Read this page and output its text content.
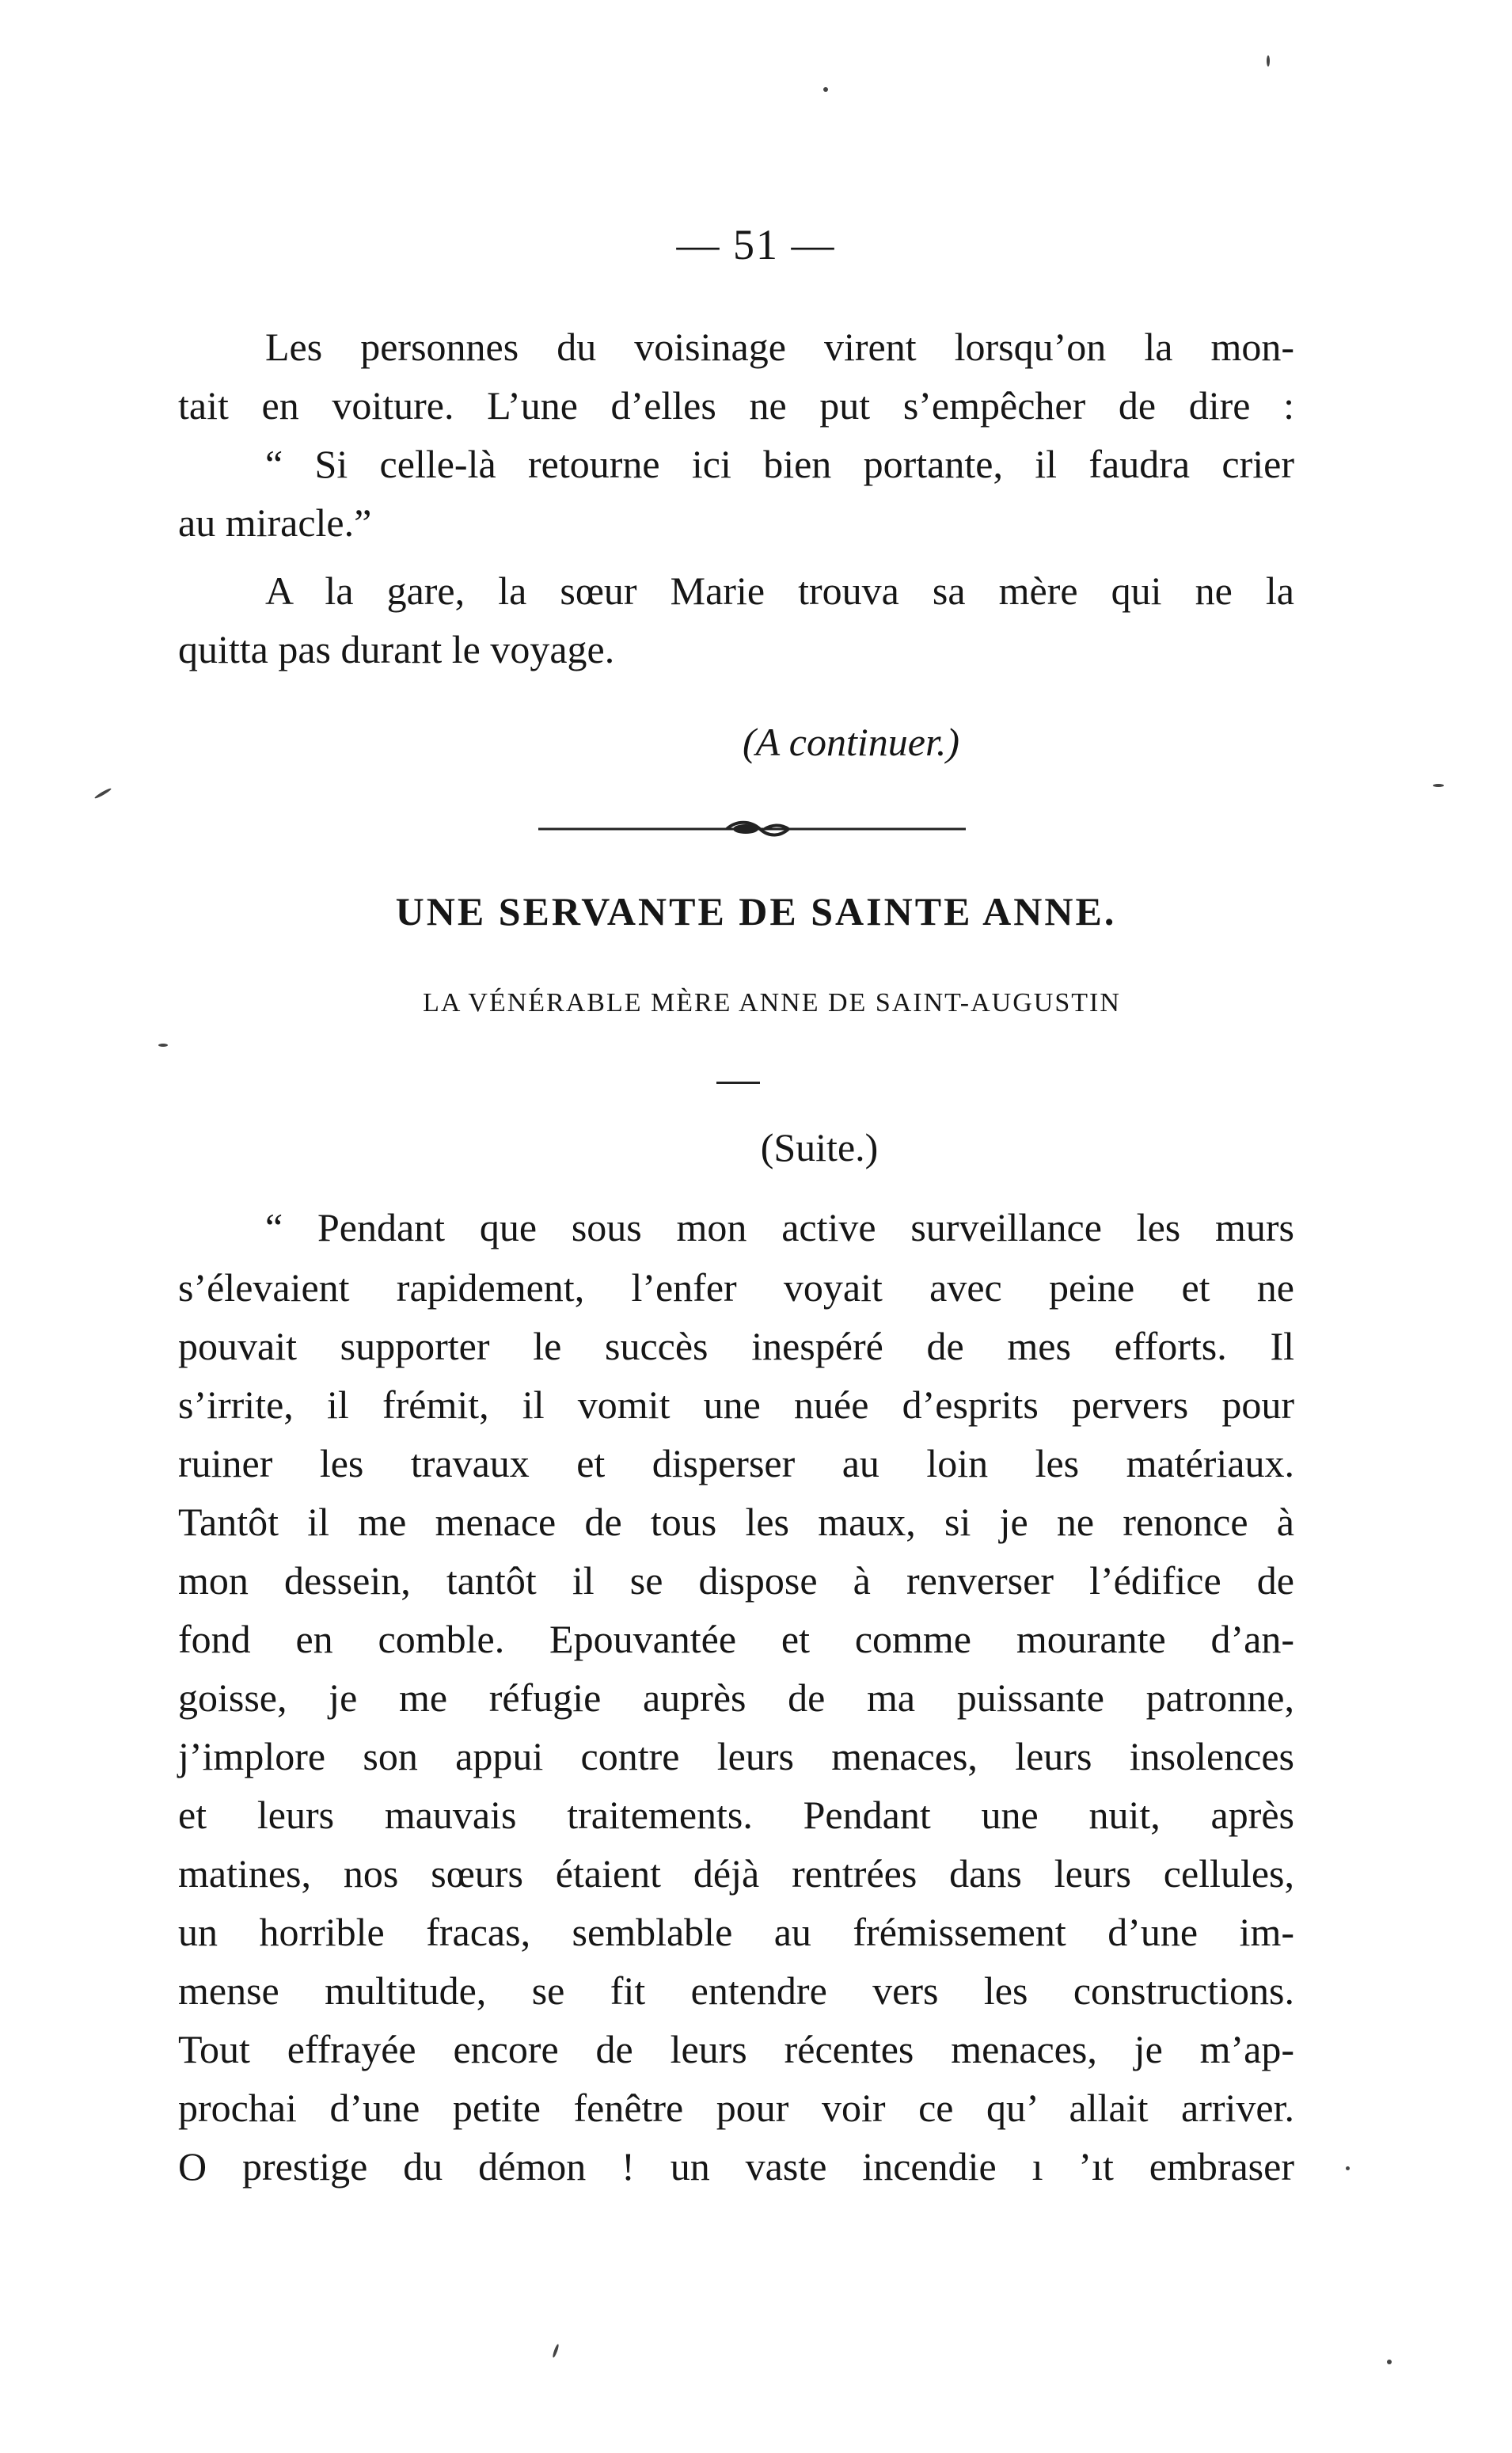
— 51 —
Les personnes du voisinage virent lorsqu’on la mon-
tait en voiture. L’une d’elles ne put s’empêcher de dire :
“ Si celle-là retourne ici bien portante, il faudra crier
au miracle.”
A la gare, la sœur Marie trouva sa mère qui ne la
quitta pas durant le voyage.
(A continuer.)
UNE SERVANTE DE SAINTE ANNE.
LA VÉNÉRABLE MÈRE ANNE DE SAINT-AUGUSTIN
(Suite.)
“ Pendant que sous mon active surveillance les murs
s’élevaient rapidement, l’enfer voyait avec peine et ne
pouvait supporter le succès inespéré de mes efforts. Il
s’irrite, il frémit, il vomit une nuée d’esprits pervers pour
ruiner les travaux et disperser au loin les matériaux.
Tantôt il me menace de tous les maux, si je ne renonce à
mon dessein, tantôt il se dispose à renverser l’édifice de
fond en comble. Epouvantée et comme mourante d’an-
goisse, je me réfugie auprès de ma puissante patronne,
j’implore son appui contre leurs menaces, leurs insolences
et leurs mauvais traitements. Pendant une nuit, après
matines, nos sœurs étaient déjà rentrées dans leurs cellules,
un horrible fracas, semblable au frémissement d’une im-
mense multitude, se fit entendre vers les constructions.
Tout effrayée encore de leurs récentes menaces, je m’ap-
prochai d’une petite fenêtre pour voir ce qu’ allait arriver.
O prestige du démon ! un vaste incendie ı ’ıt embraser
